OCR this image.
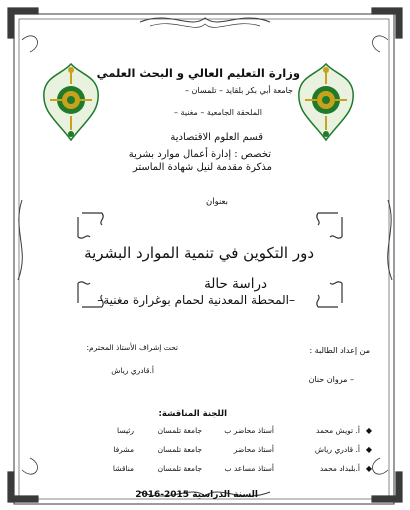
وزارة التعليم العالي و البحث العلمي
جامعة أبي بكر بلقايد – تلمسان –
الملحقة الجامعية – مغنية –
قسم العلوم الاقتصادية
تخصص : إدارة أعمال موارد بشرية
مذكرة مقدمة لنيل شهادة الماستر
بعنوان
دور التكوين في تنمية الموارد البشرية
دراسة حالة
–المحطة المعدنية لحمام بوغرارة مغنية–
من إعداد الطالبة :
– مروان حنان
تحت إشراف الأستاذ المحترم:
أ.قادري رياش
اللجنة المناقشة:
◆
أ. تويش محمد
أستاذ محاضر ب
جامعة تلمسان
رئيسا
◆
أ. قادري رياش
أستاذ محاضر
جامعة تلمسان
مشرفا
◆
أ.بلبداد محمد
أستاذ مساعد ب
جامعة تلمسان
مناقشا
السنة الدراسية 2015-2016
